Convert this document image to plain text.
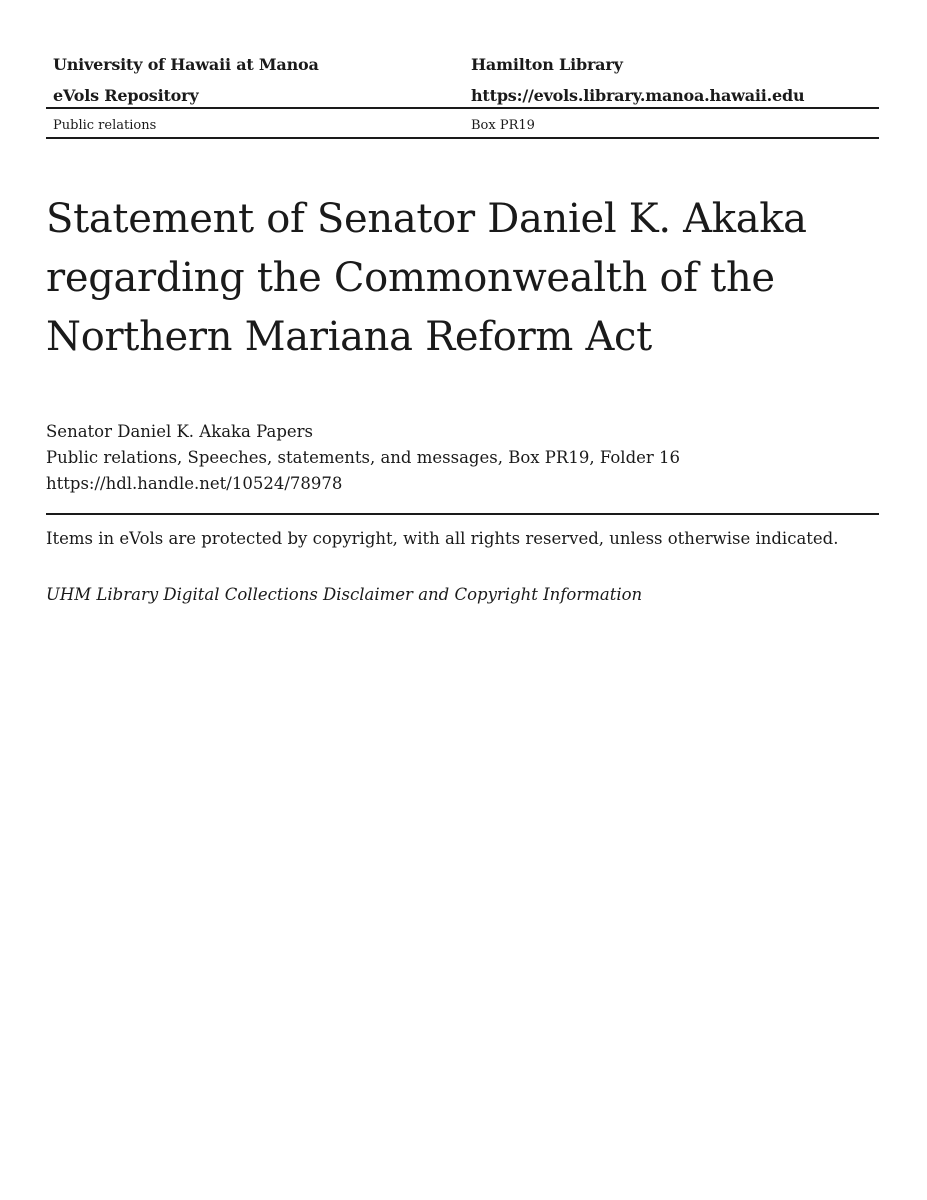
University of Hawaii at Manoa	Hamilton Library
eVols Repository	https://evols.library.manoa.hawaii.edu
Public relations	Box PR19
Statement of Senator Daniel K. Akaka
regarding the Commonwealth of the
Northern Mariana Reform Act
Senator Daniel K. Akaka Papers
Public relations, Speeches, statements, and messages, Box PR19, Folder 16
https://hdl.handle.net/10524/78978
Items in eVols are protected by copyright, with all rights reserved, unless otherwise indicated.
UHM Library Digital Collections Disclaimer and Copyright Information
